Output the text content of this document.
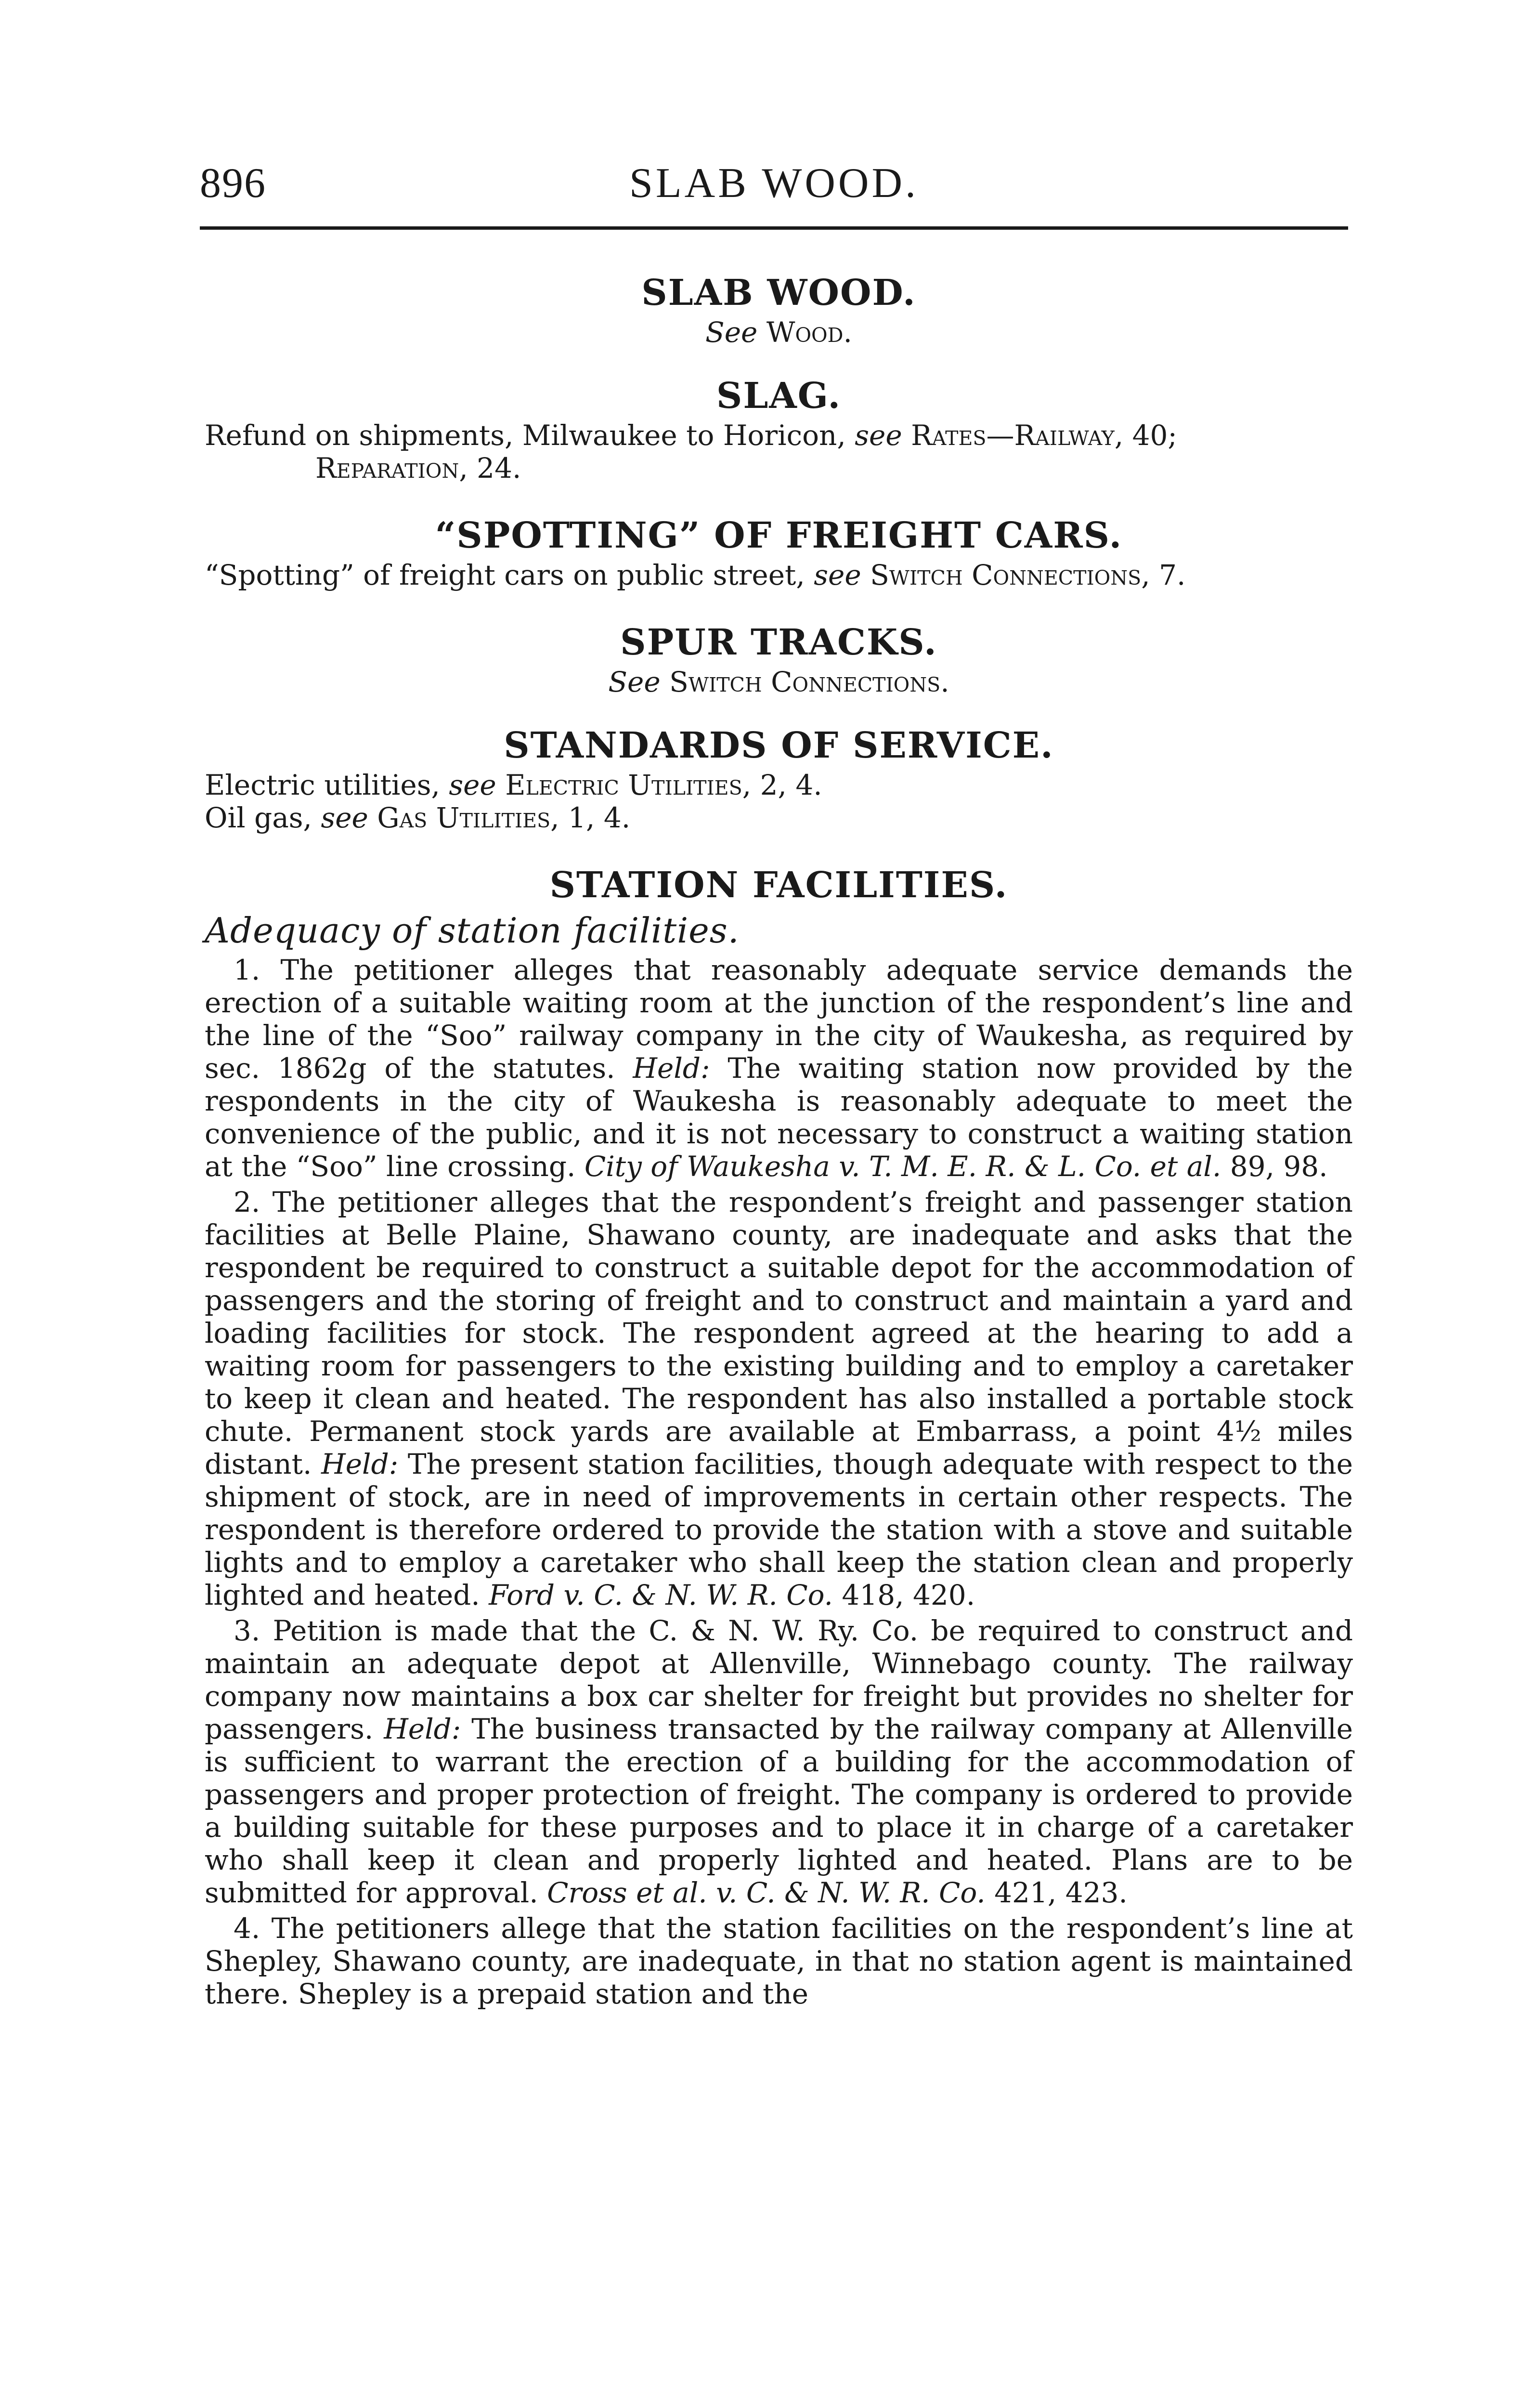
896	SLAB WOOD.
SLAB WOOD.

See Wood.

SLAG.

Refund on shipments, Milwaukee to Horicon, see Rates—Railway, 40;

Reparation, 24.

“SPOTTING” OF FREIGHT CARS.

“Spotting” of freight cars on public street, see Switch Connections, 7.

SPUR TRACKS.

See Switch Connections.

STANDARDS OF SERVICE.

Electric utilities, see Electric Utilities, 2, 4.

Oil gas, see Gas Utilities, 1, 4.

STATION FACILITIES.

Adequacy of station facilities.

1. The petitioner alleges that reasonably adequate service demands the erection of a suitable waiting room at the junction of the respondent’s line and the line of the “Soo” railway company in the city of Waukesha, as required by sec. 1862g of the statutes. Held: The waiting station now provided by the respondents in the city of Waukesha is reasonably adequate to meet the convenience of the public, and it is not necessary to construct a waiting station at the “Soo” line crossing. City of Waukesha v. T. M. E. R. & L. Co. et al. 89, 98.

2. The petitioner alleges that the respondent’s freight and passenger station facilities at Belle Plaine, Shawano county, are inadequate and asks that the respondent be required to construct a suitable depot for the accommodation of passengers and the storing of freight and to construct and maintain a yard and loading facilities for stock. The respondent agreed at the hearing to add a waiting room for passengers to the existing building and to employ a caretaker to keep it clean and heated. The respondent has also installed a portable stock chute. Permanent stock yards are available at Embarrass, a point 4½ miles distant. Held: The present station facilities, though adequate with respect to the shipment of stock, are in need of improvements in certain other respects. The respondent is therefore ordered to provide the station with a stove and suitable lights and to employ a caretaker who shall keep the station clean and properly lighted and heated. Ford v. C. & N. W. R. Co. 418, 420.

3. Petition is made that the C. & N. W. Ry. Co. be required to construct and maintain an adequate depot at Allenville, Winnebago county. The railway company now maintains a box car shelter for freight but provides no shelter for passengers. Held: The business transacted by the railway company at Allenville is sufficient to warrant the erection of a building for the accommodation of passengers and proper protection of freight. The company is ordered to provide a building suitable for these purposes and to place it in charge of a caretaker who shall keep it clean and properly lighted and heated. Plans are to be submitted for approval. Cross et al. v. C. & N. W. R. Co. 421, 423.

4. The petitioners allege that the station facilities on the respondent’s line at Shepley, Shawano county, are inadequate, in that no station agent is maintained there. Shepley is a prepaid station and the
